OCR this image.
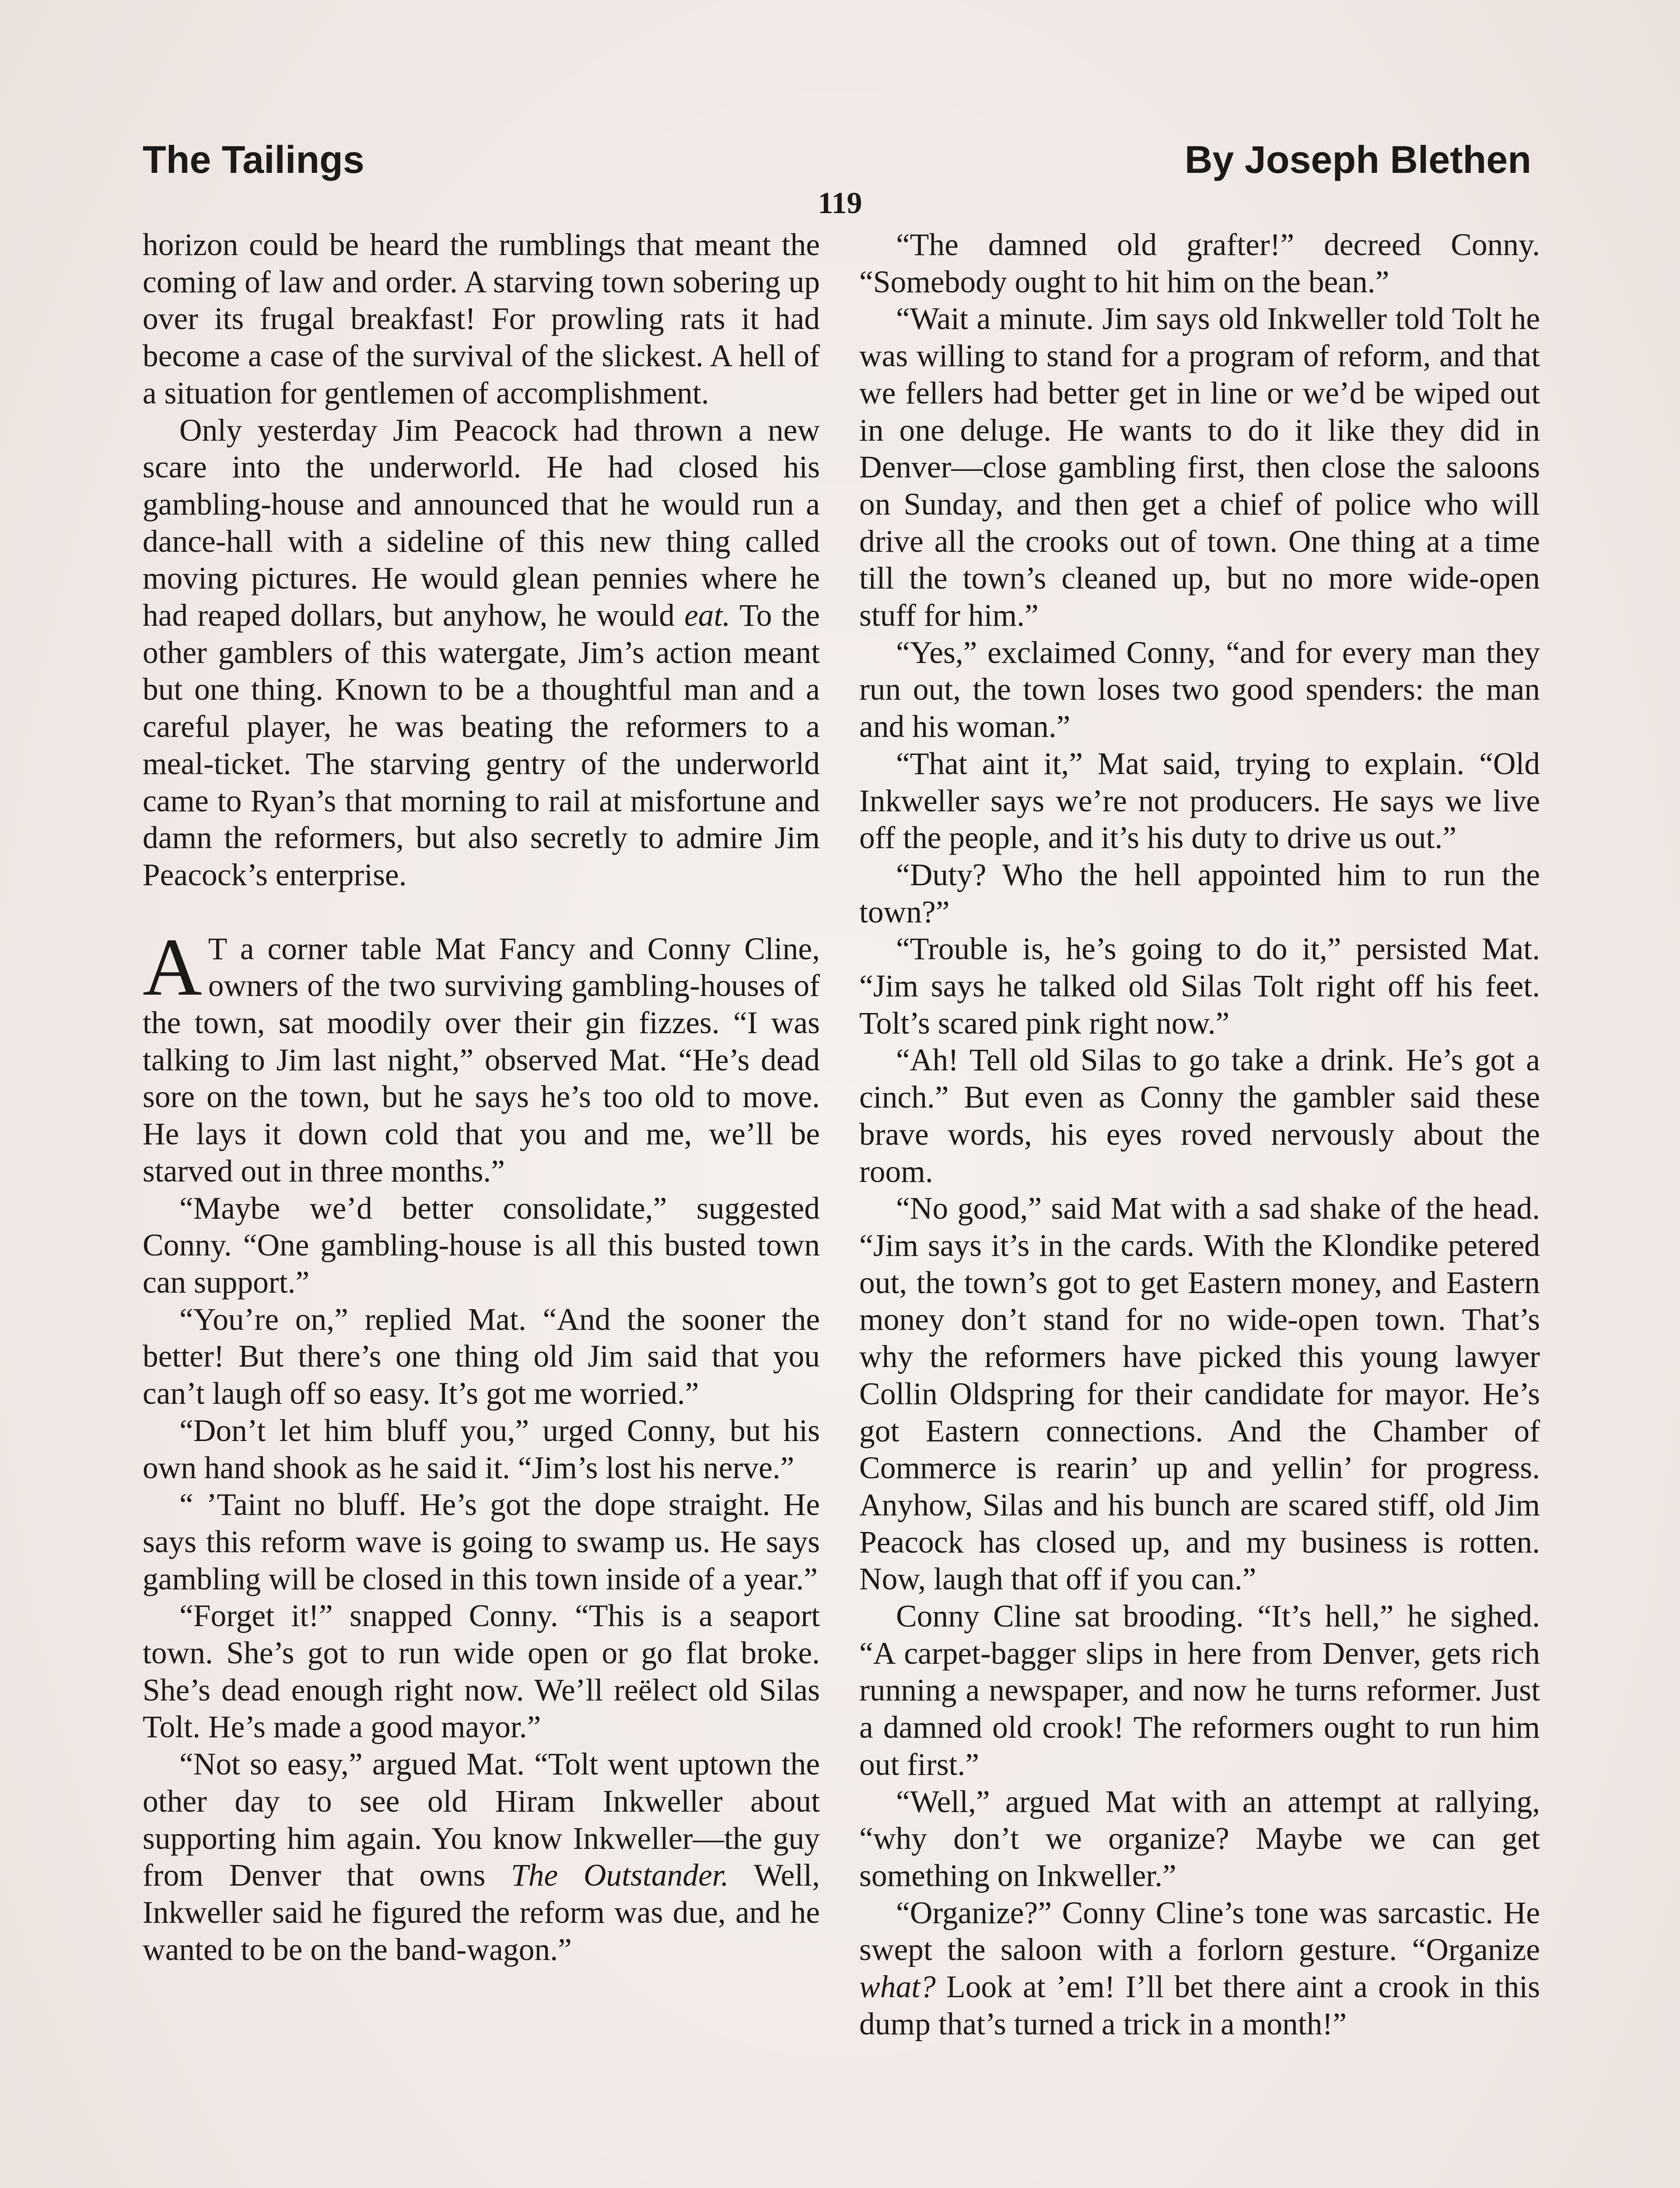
The Tailings	By Joseph Blethen
119

horizon could be heard the rumblings that meant the coming of law and order. A starving town sobering up over its frugal breakfast! For prowling rats it had become a case of the survival of the slickest. A hell of a situation for gentlemen of accomplishment.

Only yesterday Jim Peacock had thrown a new scare into the underworld. He had closed his gambling-house and announced that he would run a dance-hall with a sideline of this new thing called moving pictures. He would glean pennies where he had reaped dollars, but anyhow, he would eat. To the other gamblers of this watergate, Jim’s action meant but one thing. Known to be a thoughtful man and a careful player, he was beating the reformers to a meal-ticket. The starving gentry of the underworld came to Ryan’s that morning to rail at misfortune and damn the reformers, but also secretly to admire Jim Peacock’s enterprise.

A T a corner table Mat Fancy and Conny Cline, owners of the two surviving gambling-houses of the town, sat moodily over their gin fizzes. “I was talking to Jim last night,” observed Mat. “He’s dead sore on the town, but he says he’s too old to move. He lays it down cold that you and me, we’ll be starved out in three months.”

“Maybe we’d better consolidate,” suggested Conny. “One gambling-house is all this busted town can support.”

“You’re on,” replied Mat. “And the sooner the better! But there’s one thing old Jim said that you can’t laugh off so easy. It’s got me worried.”

“Don’t let him bluff you,” urged Conny, but his own hand shook as he said it. “Jim’s lost his nerve.”

“ ’Taint no bluff. He’s got the dope straight. He says this reform wave is going to swamp us. He says gambling will be closed in this town inside of a year.”

“Forget it!” snapped Conny. “This is a seaport town. She’s got to run wide open or go flat broke. She’s dead enough right now. We’ll reëlect old Silas Tolt. He’s made a good mayor.”

“Not so easy,” argued Mat. “Tolt went uptown the other day to see old Hiram Inkweller about supporting him again. You know Inkweller—the guy from Denver that owns The Outstander. Well, Inkweller said he figured the reform was due, and he wanted to be on the band-wagon.”

“The damned old grafter!” decreed Conny. “Somebody ought to hit him on the bean.”

“Wait a minute. Jim says old Inkweller told Tolt he was willing to stand for a program of reform, and that we fellers had better get in line or we’d be wiped out in one deluge. He wants to do it like they did in Denver—close gambling first, then close the saloons on Sunday, and then get a chief of police who will drive all the crooks out of town. One thing at a time till the town’s cleaned up, but no more wide-open stuff for him.”

“Yes,” exclaimed Conny, “and for every man they run out, the town loses two good spenders: the man and his woman.”

“That aint it,” Mat said, trying to explain. “Old Inkweller says we’re not producers. He says we live off the people, and it’s his duty to drive us out.”

“Duty? Who the hell appointed him to run the town?”

“Trouble is, he’s going to do it,” persisted Mat. “Jim says he talked old Silas Tolt right off his feet. Tolt’s scared pink right now.”

“Ah! Tell old Silas to go take a drink. He’s got a cinch.” But even as Conny the gambler said these brave words, his eyes roved nervously about the room.

“No good,” said Mat with a sad shake of the head. “Jim says it’s in the cards. With the Klondike petered out, the town’s got to get Eastern money, and Eastern money don’t stand for no wide-open town. That’s why the reformers have picked this young lawyer Collin Oldspring for their candidate for mayor. He’s got Eastern connections. And the Chamber of Commerce is rearin’ up and yellin’ for progress. Anyhow, Silas and his bunch are scared stiff, old Jim Peacock has closed up, and my business is rotten. Now, laugh that off if you can.”

Conny Cline sat brooding. “It’s hell,” he sighed. “A carpet-bagger slips in here from Denver, gets rich running a newspaper, and now he turns reformer. Just a damned old crook! The reformers ought to run him out first.”

“Well,” argued Mat with an attempt at rallying, “why don’t we organize? Maybe we can get something on Inkweller.”

“Organize?” Conny Cline’s tone was sarcastic. He swept the saloon with a forlorn gesture. “Organize what? Look at ’em! I’ll bet there aint a crook in this dump that’s turned a trick in a month!”
